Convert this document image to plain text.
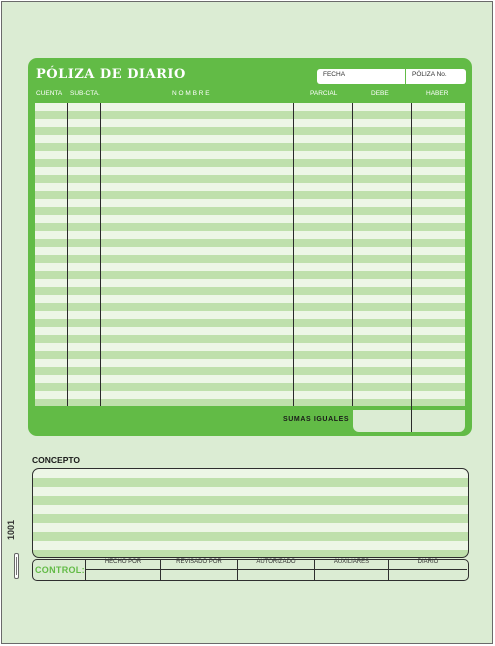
PÓLIZA DE DIARIO	FECHA	PÓLIZA No.
CUENTA SUB-CTA.	N O M B R E	PARCIAL	DEBE	HABER
SUMAS IGUALES
CONCEPTO
CONTROL:
HECHO POR	REVISADO POR	AUTORIZADO	AUXILIARES	DIARIO
1001
